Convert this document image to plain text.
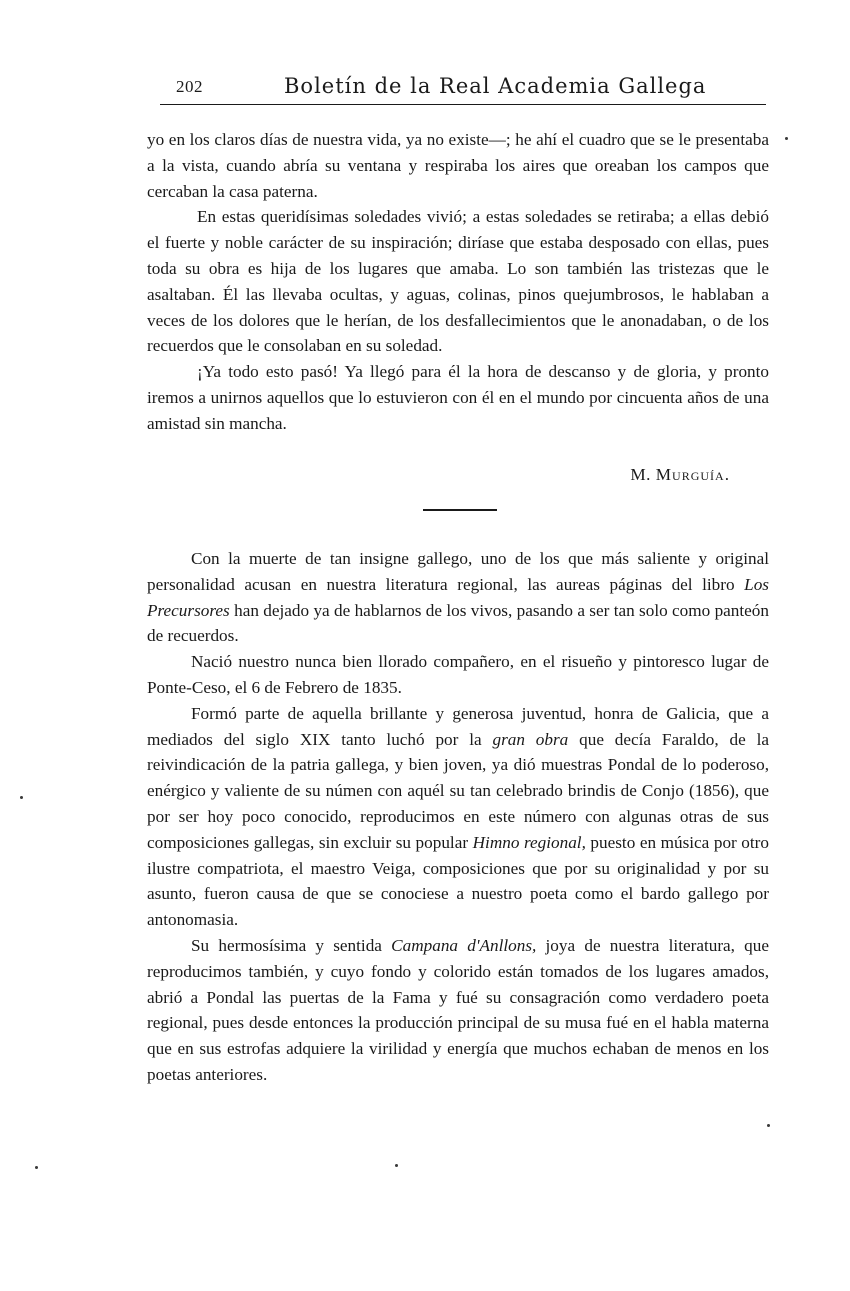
202	Boletín de la Real Academia Gallega

yo en los claros días de nuestra vida, ya no existe—; he ahí el cuadro que se le presentaba a la vista, cuando abría su ventana y respiraba los aires que oreaban los campos que cercaban la casa paterna.

En estas queridísimas soledades vivió; a estas soledades se retiraba; a ellas debió el fuerte y noble carácter de su inspiración; diríase que estaba desposado con ellas, pues toda su obra es hija de los lugares que amaba. Lo son también las tristezas que le asaltaban. Él las llevaba ocultas, y aguas, colinas, pinos quejumbrosos, le hablaban a veces de los dolores que le herían, de los desfallecimientos que le anonadaban, o de los recuerdos que le consolaban en su soledad.

¡Ya todo esto pasó! Ya llegó para él la hora de descanso y de gloria, y pronto iremos a unirnos aquellos que lo estuvieron con él en el mundo por cincuenta años de una amistad sin mancha.

M. Murguía.

Con la muerte de tan insigne gallego, uno de los que más saliente y original personalidad acusan en nuestra literatura regional, las aureas páginas del libro Los Precursores han dejado ya de hablarnos de los vivos, pasando a ser tan solo como panteón de recuerdos.

Nació nuestro nunca bien llorado compañero, en el risueño y pintoresco lugar de Ponte-Ceso, el 6 de Febrero de 1835.

Formó parte de aquella brillante y generosa juventud, honra de Galicia, que a mediados del siglo XIX tanto luchó por la gran obra que decía Faraldo, de la reivindicación de la patria gallega, y bien joven, ya dió muestras Pondal de lo poderoso, enérgico y valiente de su númen con aquél su tan celebrado brindis de Conjo (1856), que por ser hoy poco conocido, reproducimos en este número con algunas otras de sus composiciones gallegas, sin excluir su popular Himno regional, puesto en música por otro ilustre compatriota, el maestro Veiga, composiciones que por su originalidad y por su asunto, fueron causa de que se conociese a nuestro poeta como el bardo gallego por antonomasia.

Su hermosísima y sentida Campana d'Anllons, joya de nuestra literatura, que reproducimos también, y cuyo fondo y colorido están tomados de los lugares amados, abrió a Pondal las puertas de la Fama y fué su consagración como verdadero poeta regional, pues desde entonces la producción principal de su musa fué en el habla materna que en sus estrofas adquiere la virilidad y energía que muchos echaban de menos en los poetas anteriores.
